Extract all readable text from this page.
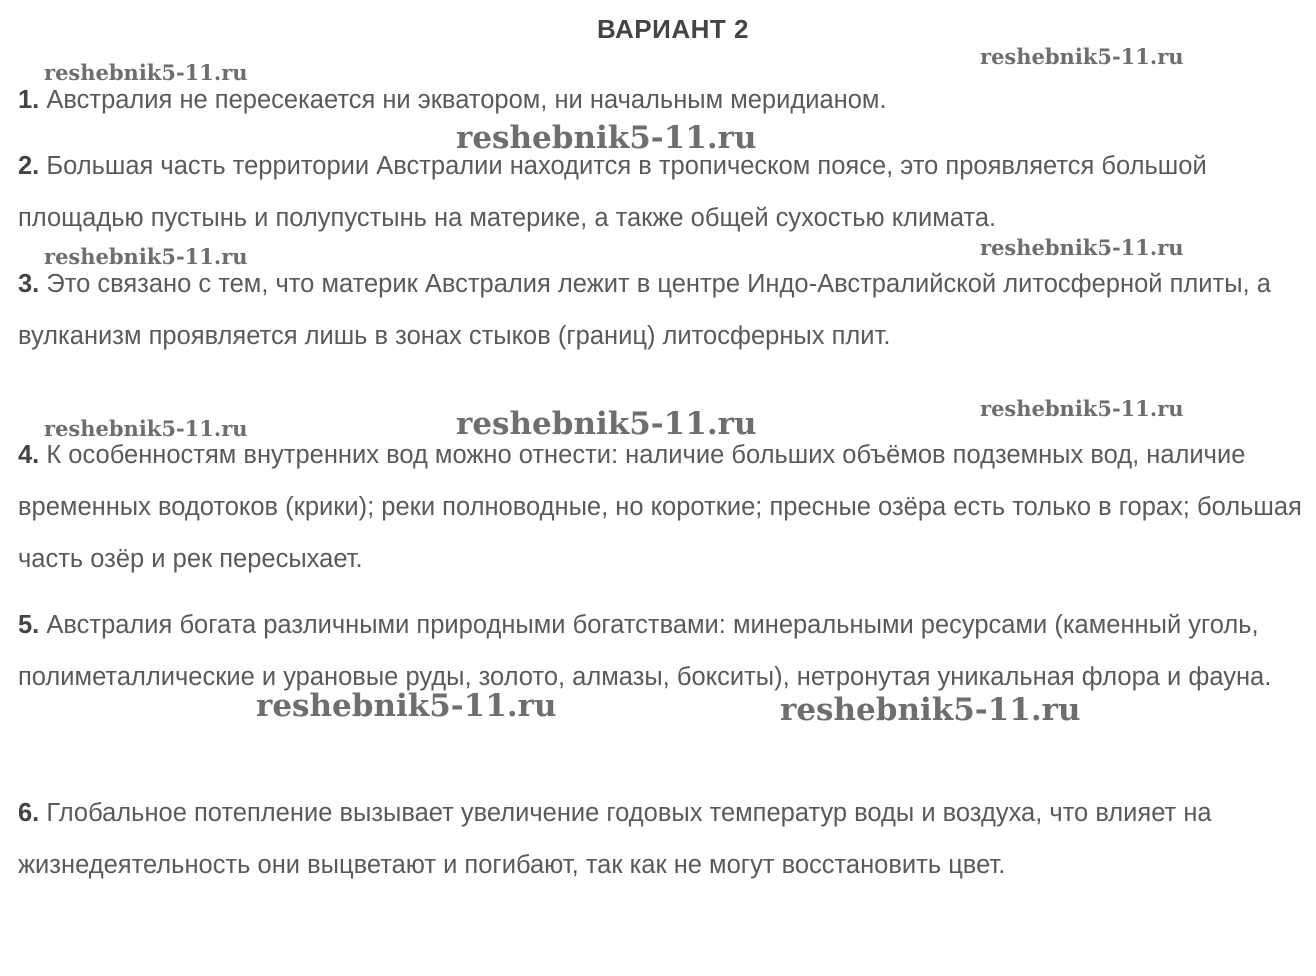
ВАРИАНТ 2
1. Австралия не пересекается ни экватором, ни начальным меридианом.
2. Большая часть территории Австралии находится в тропическом поясе, это проявляется большой площадью пустынь и полупустынь на материке, а также общей сухостью климата.
3. Это связано с тем, что материк Австралия лежит в центре Индо-Австралийской литосферной плиты, а вулканизм проявляется лишь в зонах стыков (границ) литосферных плит.
4. К особенностям внутренних вод можно отнести: наличие больших объёмов подземных вод, наличие временных водотоков (крики); реки полноводные, но короткие; пресные озёра есть только в горах; большая часть озёр и рек пересыхает.
5. Австралия богата различными природными богатствами: минеральными ресурсами (каменный уголь, полиметаллические и урановые руды, золото, алмазы, бокситы), нетронутая уникальная флора и фауна.
6. Глобальное потепление вызывает увеличение годовых температур воды и воздуха, что влияет на жизнедеятельность они выцветают и погибают, так как не могут восстановить цвет.
reshebnik5-11.ru
reshebnik5-11.ru
reshebnik5-11.ru
reshebnik5-11.ru	reshebnik5-11.ru
reshebnik5-11.ru
reshebnik5-11.ru
reshebnik5-11.ru
reshebnik5-11.ru	reshebnik5-11.ru
